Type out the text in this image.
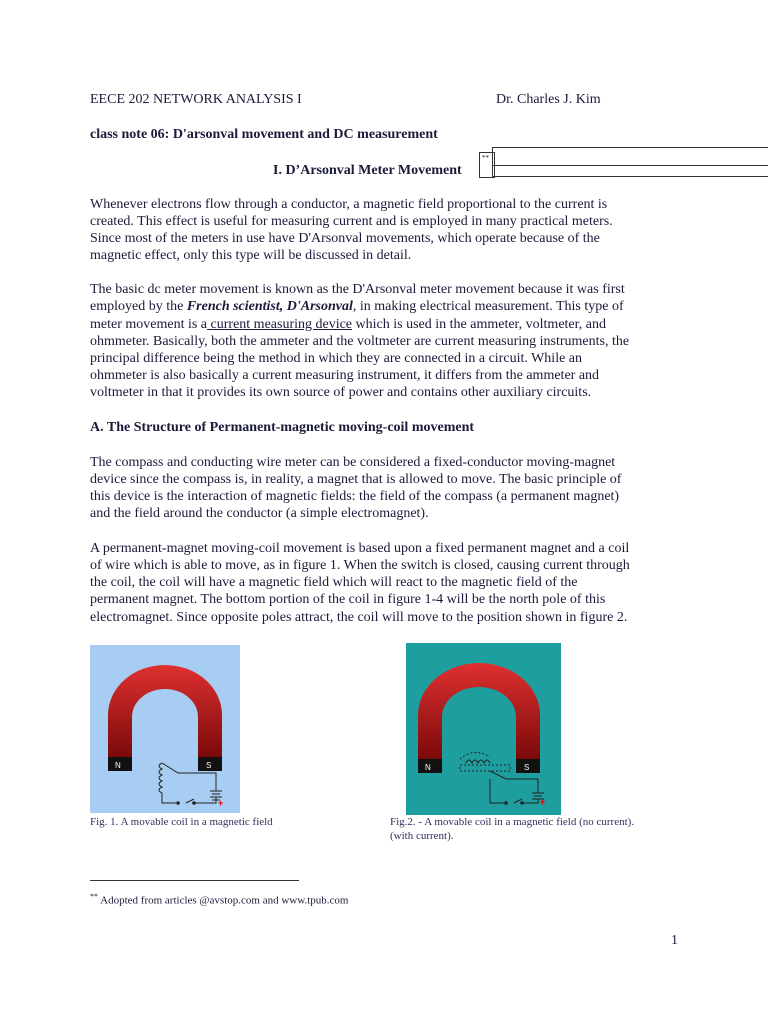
EECE 202 NETWORK ANALYSIS I	Dr. Charles J. Kim
class note 06: D'arsonval movement and DC measurement
I. D’Arsonval Meter Movement
**
Whenever electrons flow through a conductor, a magnetic field proportional to the current is
created. This effect is useful for measuring current and is employed in many practical meters.
Since most of the meters in use have D'Arsonval movements, which operate because of the
magnetic effect, only this type will be discussed in detail.
The basic dc meter movement is known as the D'Arsonval meter movement because it was first
employed by the French scientist, D'Arsonval, in making electrical measurement. This type of
meter movement is a current measuring device which is used in the ammeter, voltmeter, and
ohmmeter. Basically, both the ammeter and the voltmeter are current measuring instruments, the
principal difference being the method in which they are connected in a circuit. While an
ohmmeter is also basically a current measuring instrument, it differs from the ammeter and
voltmeter in that it provides its own source of power and contains other auxiliary circuits.
A. The Structure of Permanent-magnetic moving-coil movement
The compass and conducting wire meter can be considered a fixed-conductor moving-magnet
device since the compass is, in reality, a magnet that is allowed to move. The basic principle of
this device is the interaction of magnetic fields: the field of the compass (a permanent magnet)
and the field around the conductor (a simple electromagnet).
A permanent-magnet moving-coil movement is based upon a fixed permanent magnet and a coil
of wire which is able to move, as in figure 1. When the switch is closed, causing current through
the coil, the coil will have a magnetic field which will react to the magnetic field of the
permanent magnet. The bottom portion of the coil in figure 1-4 will be the north pole of this
electromagnet. Since opposite poles attract, the coil will move to the position shown in figure 2.
N	S
+
Fig. 1. A movable coil in a magnetic field
N	S
+
Fig.2. - A movable coil in a magnetic field (no current).
(with current).
** Adopted from articles @avstop.com and www.tpub.com
1
